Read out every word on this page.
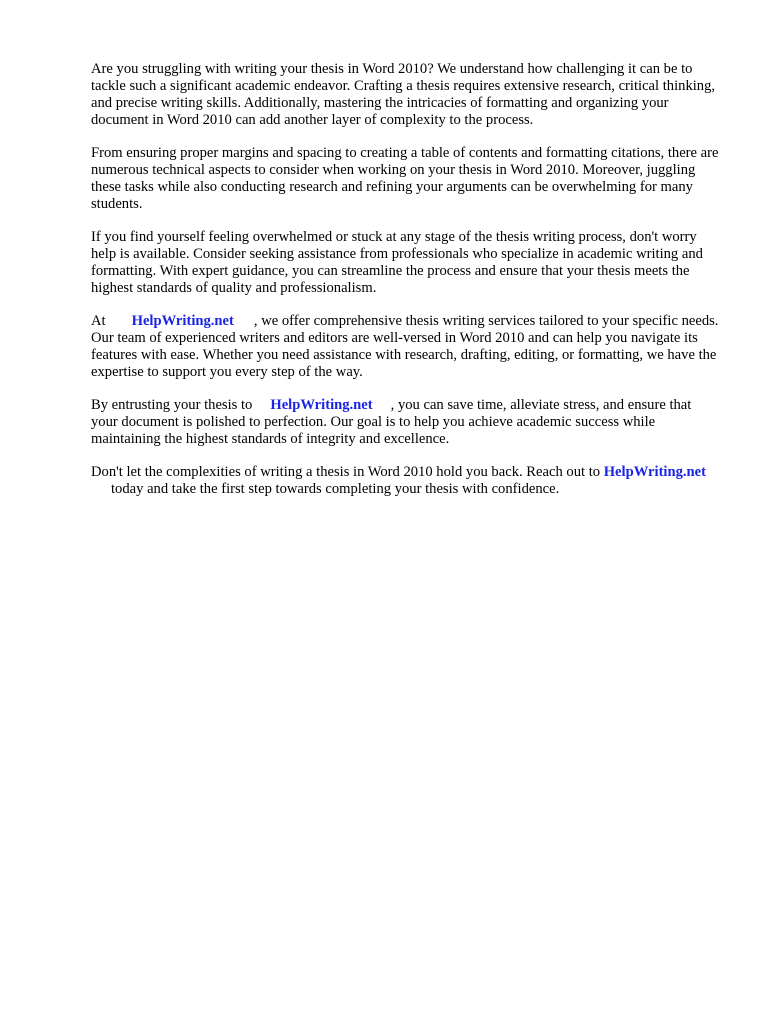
Are you struggling with writing your thesis in Word 2010? We understand how challenging it can be to tackle such a significant academic endeavor. Crafting a thesis requires extensive research, critical thinking, and precise writing skills. Additionally, mastering the intricacies of formatting and organizing your document in Word 2010 can add another layer of complexity to the process.

From ensuring proper margins and spacing to creating a table of contents and formatting citations, there are numerous technical aspects to consider when working on your thesis in Word 2010. Moreover, juggling these tasks while also conducting research and refining your arguments can be overwhelming for many students.

If you find yourself feeling overwhelmed or stuck at any stage of the thesis writing process, don't worryhelp is available. Consider seeking assistance from professionals who specialize in academic writing and formatting. With expert guidance, you can streamline the process and ensure that your thesis meets the highest standards of quality and professionalism.

At HelpWriting.net , we offer comprehensive thesis writing services tailored to your specific needs. Our team of experienced writers and editors are well-versed in Word 2010 and can help you navigate its features with ease. Whether you need assistance with research, drafting, editing, or formatting, we have the expertise to support you every step of the way.

By entrusting your thesis to HelpWriting.net , you can save time, alleviate stress, and ensure that your document is polished to perfection. Our goal is to help you achieve academic success while maintaining the highest standards of integrity and excellence.

Don't let the complexities of writing a thesis in Word 2010 hold you back. Reach out to HelpWriting.nettoday and take the first step towards completing your thesis with confidence.
